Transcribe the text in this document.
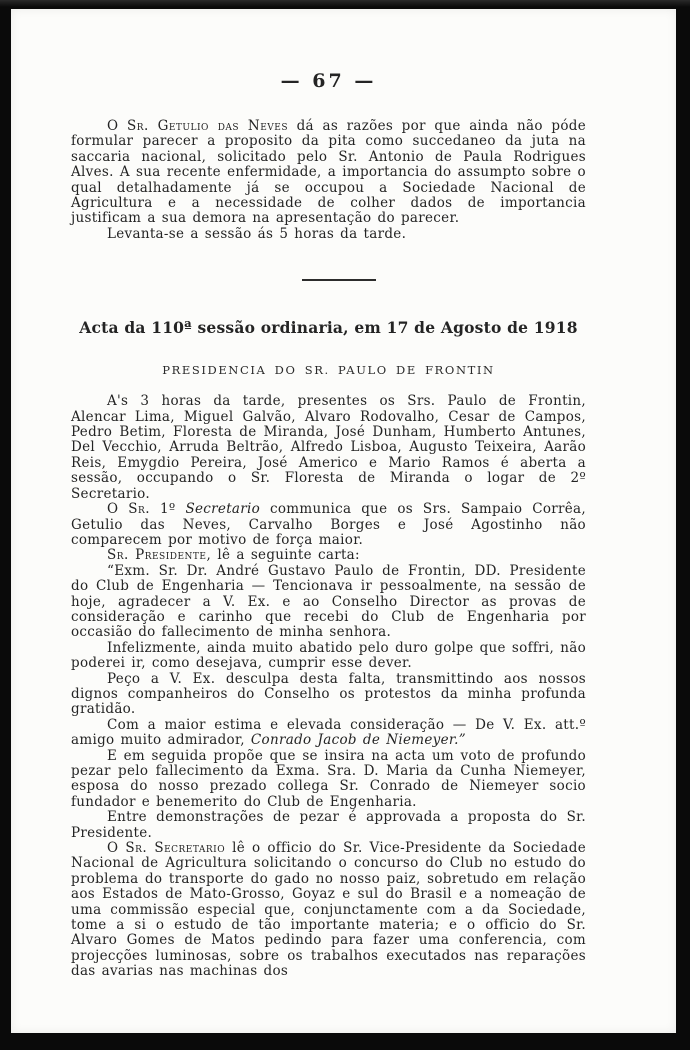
— 67 —

O Sr. Getulio das Neves dá as razões por que ainda não póde formular parecer a proposito da pita como succedaneo da juta na saccaria nacional, solicitado pelo Sr. Antonio de Paula Rodrigues Alves. A sua recente enfermidade, a importancia do assumpto sobre o qual detalhadamente já se occupou a Sociedade Nacional de Agricultura e a necessidade de colher dados de importancia justificam a sua demora na apresentação do parecer.

Levanta-se a sessão ás 5 horas da tarde.

Acta da 110ª sessão ordinaria, em 17 de Agosto de 1918
PRESIDENCIA DO SR. PAULO DE FRONTIN

A's 3 horas da tarde, presentes os Srs. Paulo de Frontin, Alencar Lima, Miguel Galvão, Alvaro Rodovalho, Cesar de Campos, Pedro Betim, Floresta de Miranda, José Dunham, Humberto Antunes, Del Vecchio, Arruda Beltrão, Alfredo Lisboa, Augusto Teixeira, Aarão Reis, Emygdio Pereira, José Americo e Mario Ramos é aberta a sessão, occupando o Sr. Floresta de Miranda o logar de 2º Secretario.

O Sr. 1º Secretario communica que os Srs. Sampaio Corrêa, Getulio das Neves, Carvalho Borges e José Agostinho não comparecem por motivo de força maior.

Sr. Presidente, lê a seguinte carta:

“Exm. Sr. Dr. André Gustavo Paulo de Frontin, DD. Presidente do Club de Engenharia — Tencionava ir pessoalmente, na sessão de hoje, agradecer a V. Ex. e ao Conselho Director as provas de consideração e carinho que recebi do Club de Engenharia por occasião do fallecimento de minha senhora.

Infelizmente, ainda muito abatido pelo duro golpe que soffri, não poderei ir, como desejava, cumprir esse dever.

Peço a V. Ex. desculpa desta falta, transmittindo aos nossos dignos companheiros do Conselho os protestos da minha profunda gratidão.

Com a maior estima e elevada consideração — De V. Ex. att.º amigo muito admirador, Conrado Jacob de Niemeyer.”

E em seguida propõe que se insira na acta um voto de profundo pezar pelo fallecimento da Exma. Sra. D. Maria da Cunha Niemeyer, esposa do nosso prezado collega Sr. Conrado de Niemeyer socio fundador e benemerito do Club de Engenharia.

Entre demonstrações de pezar é approvada a proposta do Sr. Presidente.

O Sr. Secretario lê o officio do Sr. Vice-Presidente da Sociedade Nacional de Agricultura solicitando o concurso do Club no estudo do problema do transporte do gado no nosso paiz, sobretudo em relação aos Estados de Mato-Grosso, Goyaz e sul do Brasil e a nomeação de uma commissão especial que, conjunctamente com a da Sociedade, tome a si o estudo de tão importante materia; e o officio do Sr. Alvaro Gomes de Matos pedindo para fazer uma conferencia, com projecções luminosas, sobre os trabalhos executados nas reparações das avarias nas machinas dos
